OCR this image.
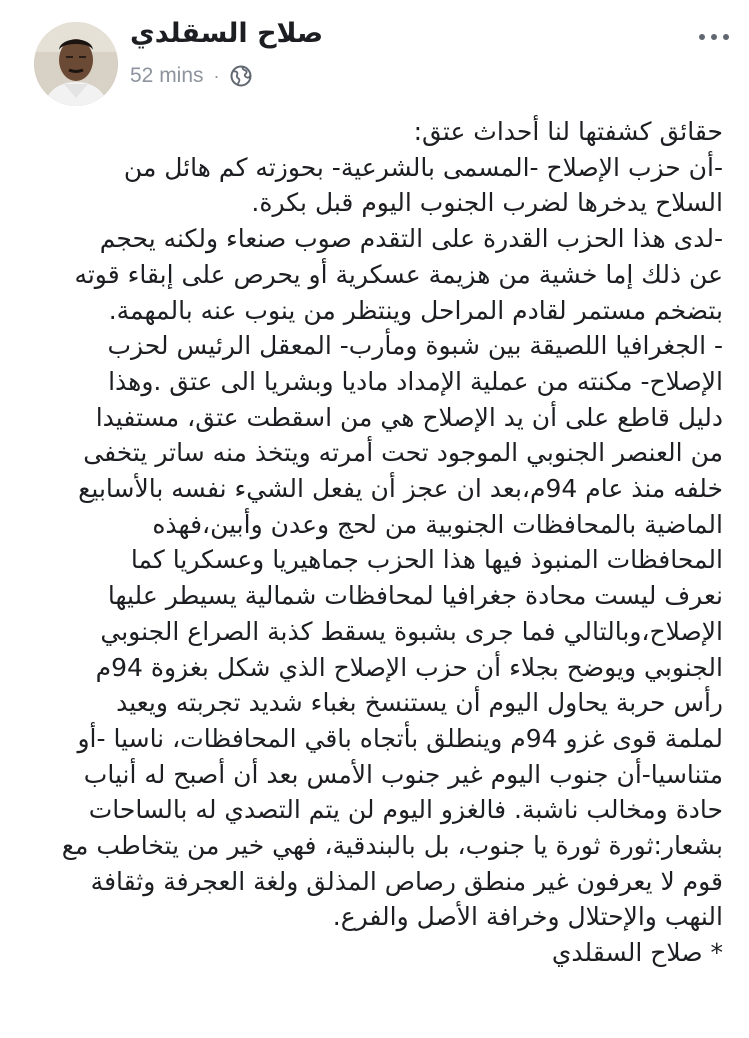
صلاح السقلدي
52 mins ·
حقائق كشفتها لنا أحداث عتق:
-أن حزب الإصلاح -المسمى بالشرعية- بحوزته كم هائل من
السلاح يدخرها لضرب الجنوب اليوم قبل بكرة.
-لدى هذا الحزب القدرة على التقدم صوب صنعاء ولكنه يحجم
عن ذلك إما خشية من هزيمة عسكرية أو يحرص على إبقاء قوته
بتضخم مستمر لقادم المراحل وينتظر من ينوب عنه بالمهمة.
- الجغرافيا اللصيقة بين شبوة ومأرب- المعقل الرئيس لحزب
الإصلاح- مكنته من عملية الإمداد ماديا وبشريا الى عتق .وهذا
دليل قاطع على أن يد الإصلاح هي من اسقطت عتق، مستفيدا
من العنصر الجنوبي الموجود تحت أمرته ويتخذ منه ساتر يتخفى
خلفه منذ عام 94م،بعد ان عجز أن يفعل الشيء نفسه بالأسابيع
الماضية بالمحافظات الجنوبية من لحج وعدن وأبين،فهذه
المحافظات المنبوذ فيها هذا الحزب جماهيريا وعسكريا كما
نعرف ليست محادة جغرافيا لمحافظات شمالية يسيطر عليها
الإصلاح،وبالتالي فما جرى بشبوة يسقط كذبة الصراع الجنوبي
الجنوبي ويوضح بجلاء أن حزب الإصلاح الذي شكل بغزوة 94م
رأس حربة يحاول اليوم أن يستنسخ بغباء شديد تجربته ويعيد
لملمة قوى غزو 94م وينطلق بأتجاه باقي المحافظات، ناسيا -أو
متناسيا-أن جنوب اليوم غير جنوب الأمس بعد أن أصبح له أنياب
حادة ومخالب ناشبة. فالغزو اليوم لن يتم التصدي له بالساحات
بشعار:ثورة ثورة يا جنوب، بل بالبندقية، فهي خير من يتخاطب مع
قوم لا يعرفون غير منطق رصاص المذلق ولغة العجرفة وثقافة
النهب والإحتلال وخرافة الأصل والفرع.
* صلاح السقلدي
